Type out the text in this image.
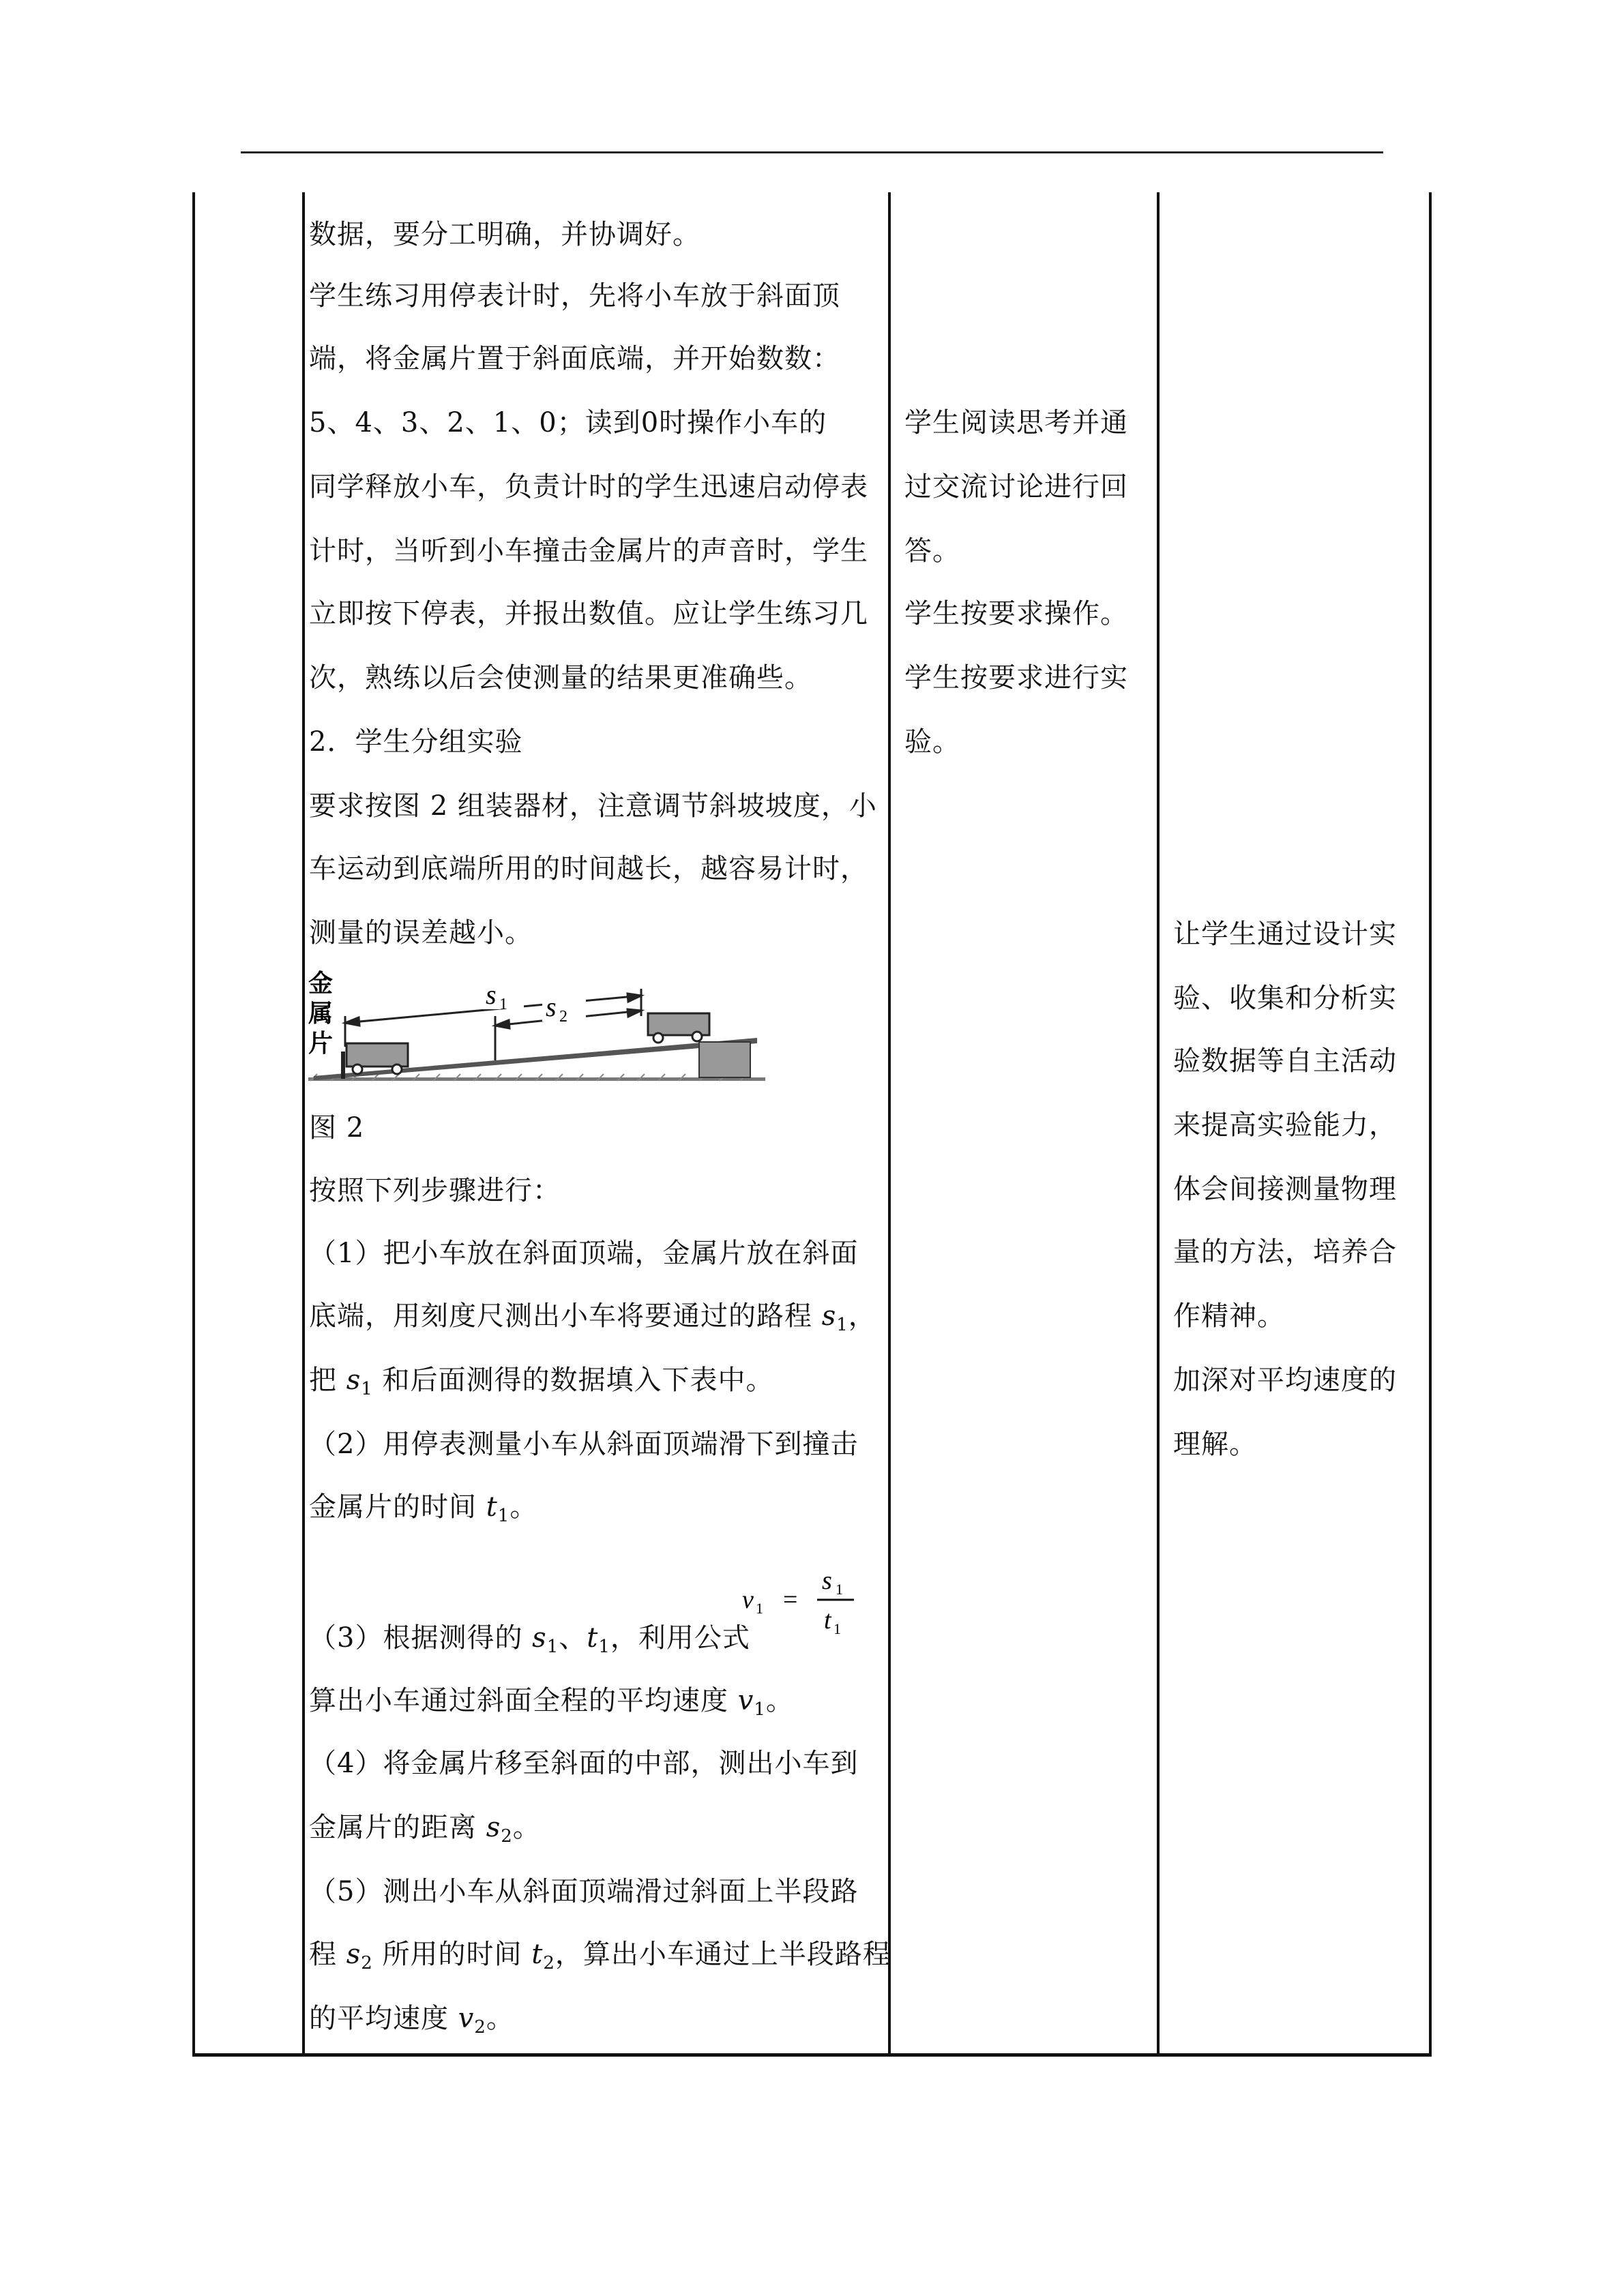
数据，要分工明确，并协调好。
学生练习用停表计时，先将小车放于斜面顶
端，将金属片置于斜面底端，并开始数数：
5、4、3、2、1、0；读到0时操作小车的
同学释放小车，负责计时的学生迅速启动停表
计时，当听到小车撞击金属片的声音时，学生
立即按下停表，并报出数值。应让学生练习几
次，熟练以后会使测量的结果更准确些。
2．学生分组实验
要求按图 2 组装器材，注意调节斜坡坡度，小
车运动到底端所用的时间越长，越容易计时，
测量的误差越小。
s 1 s 2
金
属
片
图 2
按照下列步骤进行：
（1）把小车放在斜面顶端，金属片放在斜面
底端，用刻度尺测出小车将要通过的路程 $s_1$，
把 $s_1$ 和后面测得的数据填入下表中。
（2）用停表测量小车从斜面顶端滑下到撞击
金属片的时间 $t_1$。
v 1 =
s 1
t 1
（3）根据测得的 $s_1$、$t_1$，利用公式
算出小车通过斜面全程的平均速度 $v_1$。
（4）将金属片移至斜面的中部，测出小车到
金属片的距离 $s_2$。
（5）测出小车从斜面顶端滑过斜面上半段路
程 $s_2$ 所用的时间 $t_2$，算出小车通过上半段路程
的平均速度 $v_2$。
学生阅读思考并通
过交流讨论进行回
答。
学生按要求操作。
学生按要求进行实
验。
让学生通过设计实
验、收集和分析实
验数据等自主活动
来提高实验能力，
体会间接测量物理
量的方法，培养合
作精神。
加深对平均速度的
理解。
